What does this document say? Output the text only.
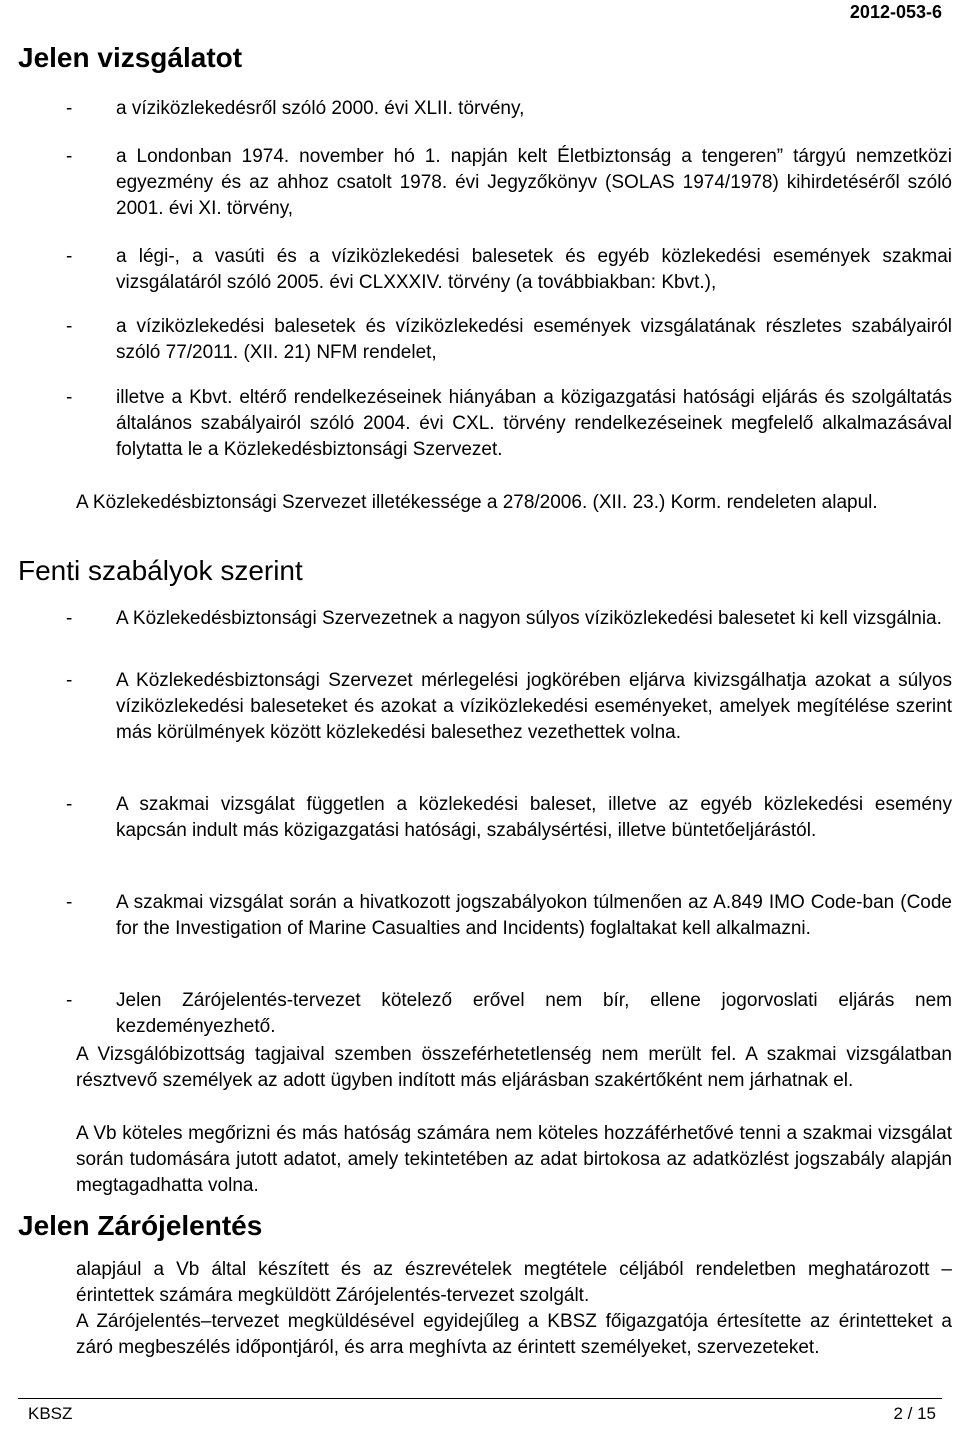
2012-053-6
Jelen vizsgálatot
- a víziközlekedésről szóló 2000. évi XLII. törvény,
- a Londonban 1974. november hó 1. napján kelt Életbiztonság a tengeren” tárgyú nemzetközi egyezmény és az ahhoz csatolt 1978. évi Jegyzőkönyv (SOLAS 1974/1978) kihirdetéséről szóló 2001. évi XI. törvény,
- a légi-, a vasúti és a víziközlekedési balesetek és egyéb közlekedési események szakmai vizsgálatáról szóló 2005. évi CLXXXIV. törvény (a továbbiakban: Kbvt.),
- a víziközlekedési balesetek és víziközlekedési események vizsgálatának részletes szabályairól szóló 77/2011. (XII. 21) NFM rendelet,
- illetve a Kbvt. eltérő rendelkezéseinek hiányában a közigazgatási hatósági eljárás és szolgáltatás általános szabályairól szóló 2004. évi CXL. törvény rendelkezéseinek megfelelő alkalmazásával folytatta le a Közlekedésbiztonsági Szervezet.

A Közlekedésbiztonsági Szervezet illetékessége a 278/2006. (XII. 23.) Korm. rendeleten alapul.

Fenti szabályok szerint
- A Közlekedésbiztonsági Szervezetnek a nagyon súlyos víziközlekedési balesetet ki kell vizsgálnia.
- A Közlekedésbiztonsági Szervezet mérlegelési jogkörében eljárva kivizsgálhatja azokat a súlyos víziközlekedési baleseteket és azokat a víziközlekedési eseményeket, amelyek megítélése szerint más körülmények között közlekedési balesethez vezethettek volna.
- A szakmai vizsgálat független a közlekedési baleset, illetve az egyéb közlekedési esemény kapcsán indult más közigazgatási hatósági, szabálysértési, illetve büntetőeljárástól.
- A szakmai vizsgálat során a hivatkozott jogszabályokon túlmenően az A.849 IMO Code-ban (Code for the Investigation of Marine Casualties and Incidents) foglaltakat kell alkalmazni.
- Jelen Zárójelentés-tervezet kötelező erővel nem bír, ellene jogorvoslati eljárás nem kezdeményezhető.

A Vizsgálóbizottság tagjaival szemben összeférhetetlenség nem merült fel. A szakmai vizsgálatban résztvevő személyek az adott ügyben indított más eljárásban szakértőként nem járhatnak el.

A Vb köteles megőrizni és más hatóság számára nem köteles hozzáférhetővé tenni a szakmai vizsgálat során tudomására jutott adatot, amely tekintetében az adat birtokosa az adatközlést jogszabály alapján megtagadhatta volna.

Jelen Zárójelentés

alapjául a Vb által készített és az észrevételek megtétele céljából rendeletben meghatározott – érintettek számára megküldött Zárójelentés-tervezet szolgált.

A Zárójelentés–tervezet megküldésével egyidejűleg a KBSZ főigazgatója értesítette az érintetteket a záró megbeszélés időpontjáról, és arra meghívta az érintett személyeket, szervezeteket.

KBSZ	2 / 15
